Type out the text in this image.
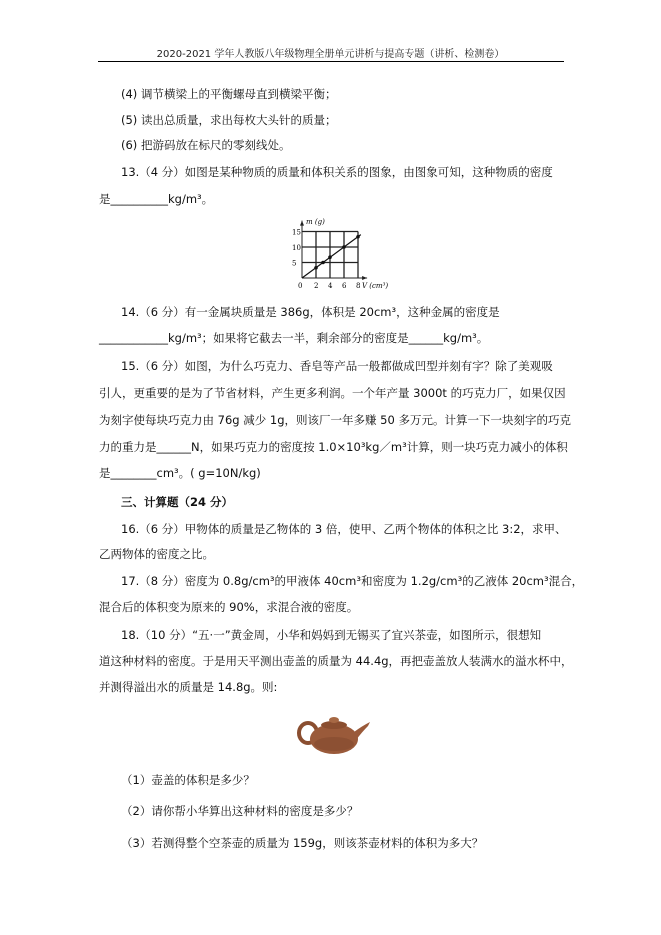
2020-2021 学年人教版八年级物理全册单元讲析与提高专题（讲析、检测卷）
(4) 调节横梁上的平衡螺母直到横梁平衡；
(5) 读出总质量，求出每枚大头针的质量；
(6) 把游码放在标尺的零刻线处。
13.（4 分）如图是某种物质的质量和体积关系的图象，由图象可知，这种物质的密度
是__________kg/m³。
14.（6 分）有一金属块质量是 386g，体积是 20cm³，这种金属的密度是
____________kg/m³；如果将它截去一半，剩余部分的密度是______kg/m³。
15.（6 分）如图，为什么巧克力、香皂等产品一般都做成凹型并刻有字？除了美观吸
引人，更重要的是为了节省材料，产生更多利润。一个年产量 3000t 的巧克力厂，如果仅因
为刻字使每块巧克力由 76g 减少 1g，则该厂一年多赚 50 多万元。计算一下一块刻字的巧克
力的重力是______N，如果巧克力的密度按 1.0×10³kg／m³计算，则一块巧克力减小的体积
是________cm³。( g=10N/kg)
三、计算题（24 分）
16.（6 分）甲物体的质量是乙物体的 3 倍，使甲、乙两个物体的体积之比 3:2，求甲、
乙两物体的密度之比。
17.（8 分）密度为 0.8g/cm³的甲液体 40cm³和密度为 1.2g/cm³的乙液体 20cm³混合，
混合后的体积变为原来的 90%，求混合液的密度。
18.（10 分）“五·一”黄金周，小华和妈妈到无锡买了宜兴茶壶，如图所示，很想知
道这种材料的密度。于是用天平测出壶盖的质量为 44.4g，再把壶盖放人装满水的溢水杯中，
并测得溢出水的质量是 14.8g。则:
（1）壶盖的体积是多少？
（2）请你帮小华算出这种材料的密度是多少？
（3）若测得整个空茶壶的质量为 159g，则该茶壶材料的体积为多大？
0 2 4 6 8
5
10
15
V (cm³)
m (g)
